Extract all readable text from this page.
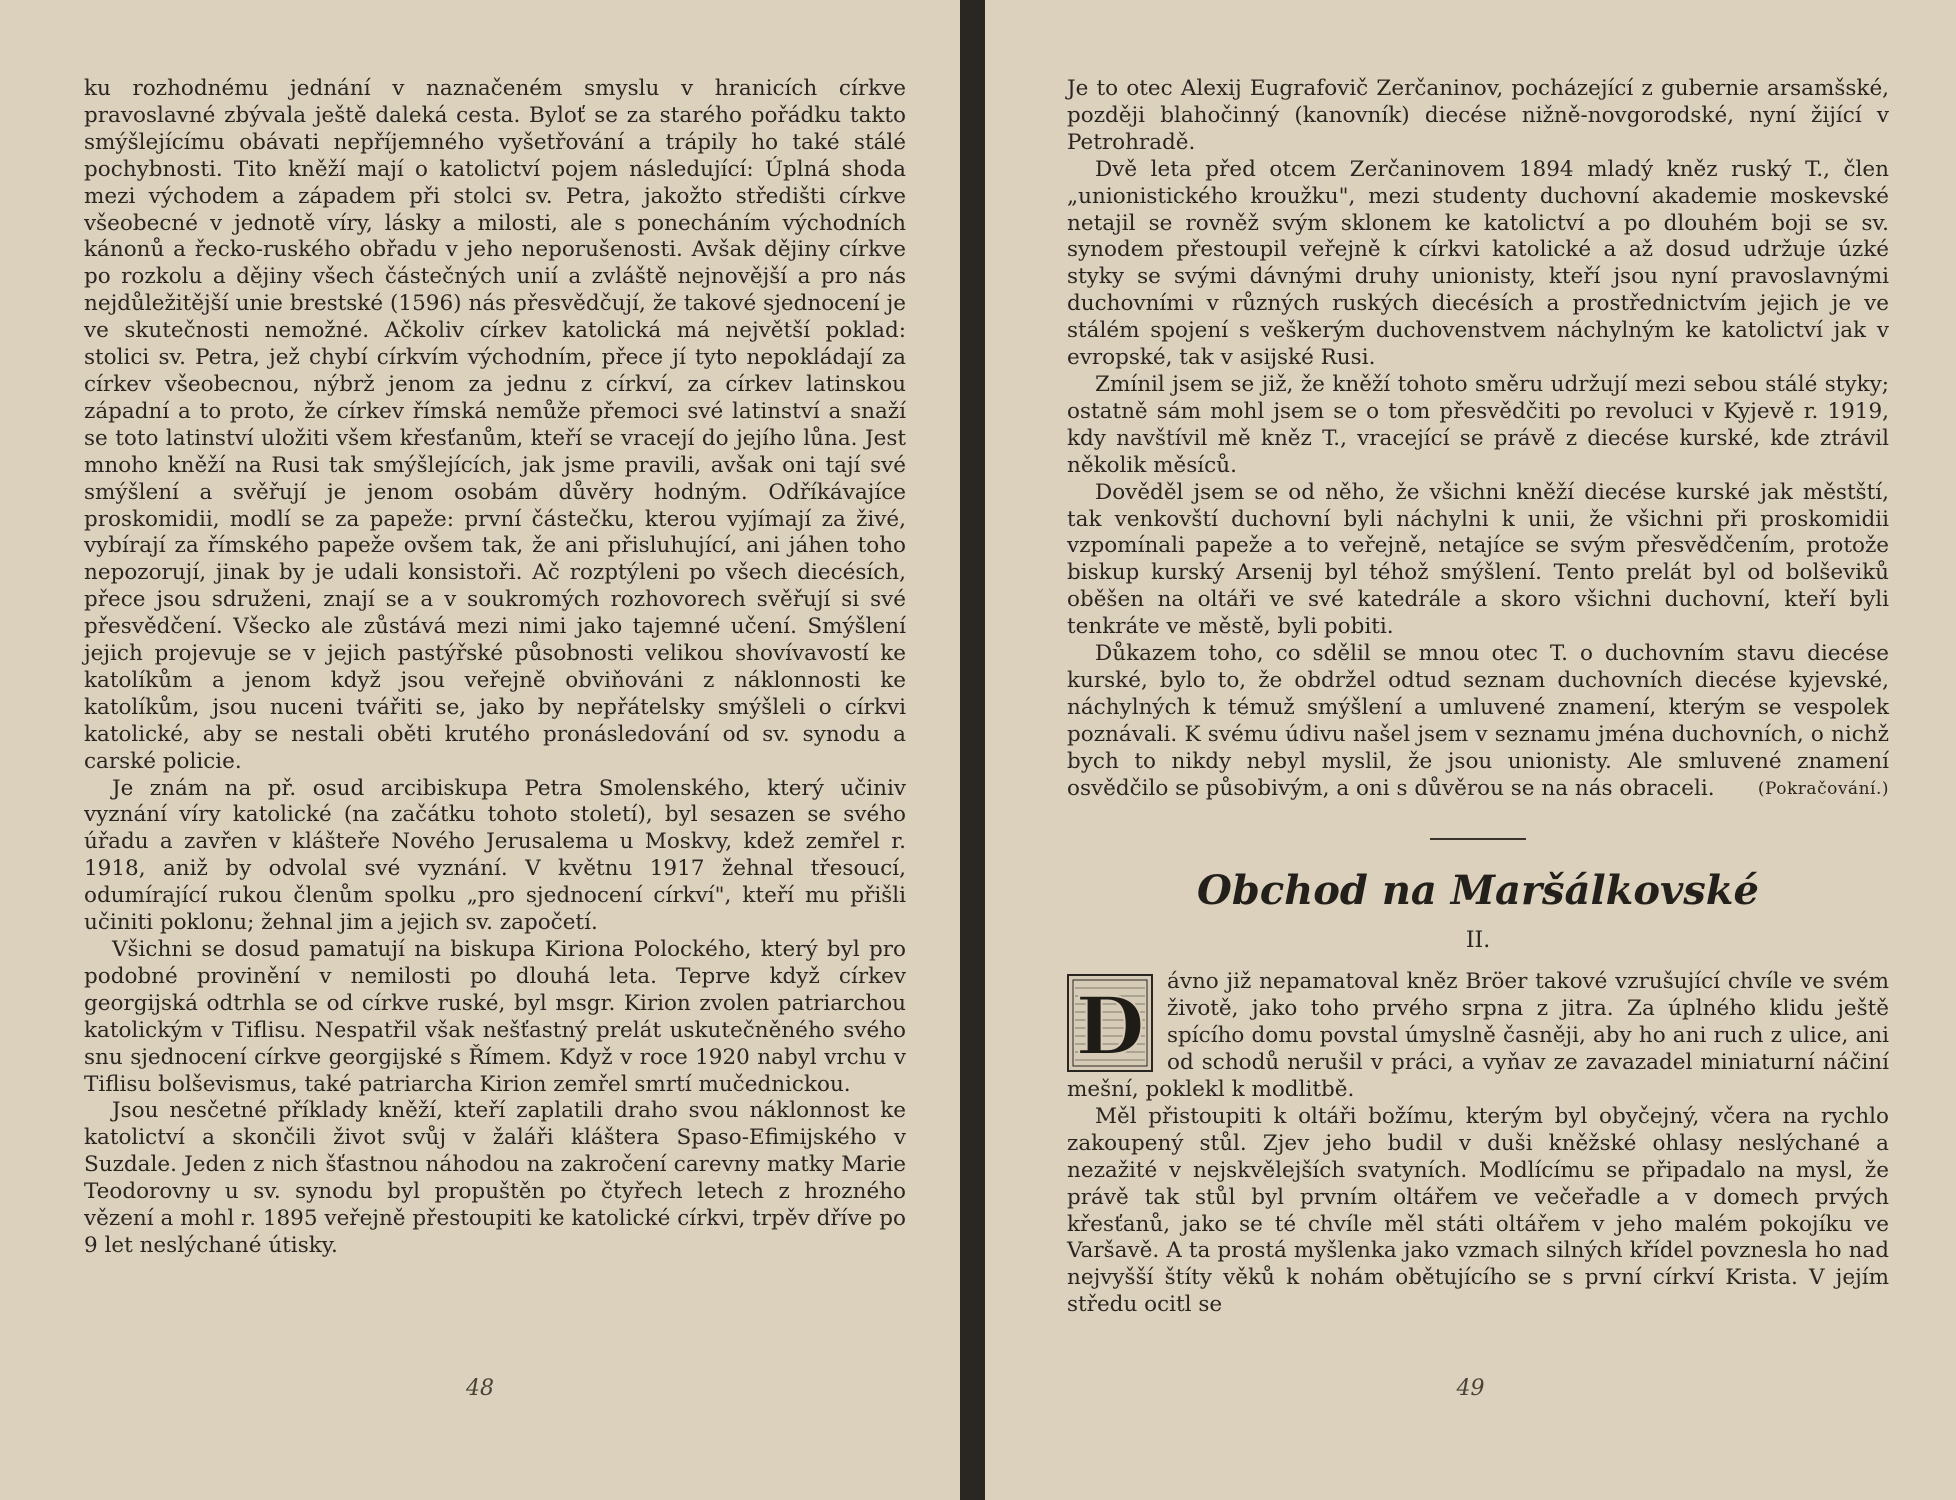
ku rozhodnému jednání v naznačeném smyslu v hranicích církve pravoslavné zbývala ještě daleká cesta. Byloť se za starého pořádku takto smýšlejícímu obávati nepříjemného vyšetřování a trápily ho také stálé pochybnosti. Tito kněží mají o katolictví pojem následující: Úplná shoda mezi východem a západem při stolci sv. Petra, jakožto středišti církve všeobecné v jednotě víry, lásky a milosti, ale s ponecháním východních kánonů a řecko-ruského obřadu v jeho neporušenosti. Avšak dějiny církve po rozkolu a dějiny všech částečných unií a zvláště nejnovější a pro nás nejdůležitější unie brestské (1596) nás přesvědčují, že takové sjednocení je ve skutečnosti nemožné. Ačkoliv církev katolická má největší poklad: stolici sv. Petra, jež chybí církvím východním, přece jí tyto nepokládají za církev všeobecnou, nýbrž jenom za jednu z církví, za církev latinskou západní a to proto, že církev římská nemůže přemoci své latinství a snaží se toto latinství uložiti všem křesťanům, kteří se vracejí do jejího lůna. Jest mnoho kněží na Rusi tak smýšlejících, jak jsme pravili, avšak oni tají své smýšlení a svěřují je jenom osobám důvěry hodným. Odříkávajíce proskomidii, modlí se za papeže: první částečku, kterou vyjímají za živé, vybírají za římského papeže ovšem tak, že ani přisluhující, ani jáhen toho nepozorují, jinak by je udali konsistoři. Ač rozptýleni po všech diecésích, přece jsou sdruženi, znají se a v soukromých rozhovorech svěřují si své přesvědčení. Všecko ale zůstává mezi nimi jako tajemné učení. Smýšlení jejich projevuje se v jejich pastýřské působnosti velikou shovívavostí ke katolíkům a jenom když jsou veřejně obviňováni z náklonnosti ke katolíkům, jsou nuceni tvářiti se, jako by nepřátelsky smýšleli o církvi katolické, aby se nestali oběti krutého pronásledování od sv. synodu a carské policie.

Je znám na př. osud arcibiskupa Petra Smolenského, který učiniv vyznání víry katolické (na začátku tohoto století), byl sesazen se svého úřadu a zavřen v klášteře Nového Jerusalema u Moskvy, kdež zemřel r. 1918, aniž by odvolal své vyznání. V květnu 1917 žehnal třesoucí, odumírající rukou členům spolku „pro sjednocení církví", kteří mu přišli učiniti poklonu; žehnal jim a jejich sv. započetí.

Všichni se dosud pamatují na biskupa Kiriona Polockého, který byl pro podobné provinění v nemilosti po dlouhá leta. Teprve když církev georgijská odtrhla se od církve ruské, byl msgr. Kirion zvolen patriarchou katolickým v Tiflisu. Nespatřil však nešťastný prelát uskutečněného svého snu sjednocení církve georgijské s Římem. Když v roce 1920 nabyl vrchu v Tiflisu bolševismus, také patriarcha Kirion zemřel smrtí mučednickou.

Jsou nesčetné příklady kněží, kteří zaplatili draho svou náklonnost ke katolictví a skončili život svůj v žaláři kláštera Spaso-Efimijského v Suzdale. Jeden z nich šťastnou náhodou na zakročení carevny matky Marie Teodorovny u sv. synodu byl propuštěn po čtyřech letech z hrozného vězení a mohl r. 1895 veřejně přestoupiti ke katolické církvi, trpěv dříve po 9 let neslýchané útisky.

48

Je to otec Alexij Eugrafovič Zerčaninov, pocházející z gubernie arsamšské, později blahočinný (kanovník) diecése nižně-novgorodské, nyní žijící v Petrohradě.

Dvě leta před otcem Zerčaninovem 1894 mladý kněz ruský T., člen „unionistického kroužku", mezi studenty duchovní akademie moskevské netajil se rovněž svým sklonem ke katolictví a po dlouhém boji se sv. synodem přestoupil veřejně k církvi katolické a až dosud udržuje úzké styky se svými dávnými druhy unionisty, kteří jsou nyní pravoslavnými duchovními v různých ruských diecésích a prostřednictvím jejich je ve stálém spojení s veškerým duchovenstvem náchylným ke katolictví jak v evropské, tak v asijské Rusi.

Zmínil jsem se již, že kněží tohoto směru udržují mezi sebou stálé styky; ostatně sám mohl jsem se o tom přesvědčiti po revoluci v Kyjevě r. 1919, kdy navštívil mě kněz T., vracející se právě z diecése kurské, kde ztrávil několik měsíců.

Dověděl jsem se od něho, že všichni kněží diecése kurské jak městští, tak venkovští duchovní byli náchylni k unii, že všichni při proskomidii vzpomínali papeže a to veřejně, netajíce se svým přesvědčením, protože biskup kurský Arsenij byl téhož smýšlení. Tento prelát byl od bolševiků oběšen na oltáři ve své katedrále a skoro všichni duchovní, kteří byli tenkráte ve městě, byli pobiti.

Důkazem toho, co sdělil se mnou otec T. o duchovním stavu diecése kurské, bylo to, že obdržel odtud seznam duchovních diecése kyjevské, náchylných k témuž smýšlení a umluvené znamení, kterým se vespolek poznávali. K svému údivu našel jsem v seznamu jména duchovních, o nichž bych to nikdy nebyl myslil, že jsou unionisty. Ale smluvené znamení osvědčilo se působivým, a oni s důvěrou se na nás obraceli.	(Pokračování.)

Obchod na Maršálkovské
II.

D ávno již nepamatoval kněz Bröer takové vzrušující chvíle ve svém životě, jako toho prvého srpna z jitra. Za úplného klidu ještě spícího domu povstal úmyslně časněji, aby ho ani ruch z ulice, ani od schodů nerušil v práci, a vyňav ze zavazadel miniaturní náčiní mešní, poklekl k modlitbě.

Měl přistoupiti k oltáři božímu, kterým byl obyčejný, včera na rychlo zakoupený stůl. Zjev jeho budil v duši kněžské ohlasy neslýchané a nezažité v nejskvělejších svatyních. Modlícímu se připadalo na mysl, že právě tak stůl byl prvním oltářem ve večeřadle a v domech prvých křesťanů, jako se té chvíle měl státi oltářem v jeho malém pokojíku ve Varšavě. A ta prostá myšlenka jako vzmach silných křídel povznesla ho nad nejvyšší štíty věků k nohám obětujícího se s první církví Krista. V jejím středu ocitl se

49
